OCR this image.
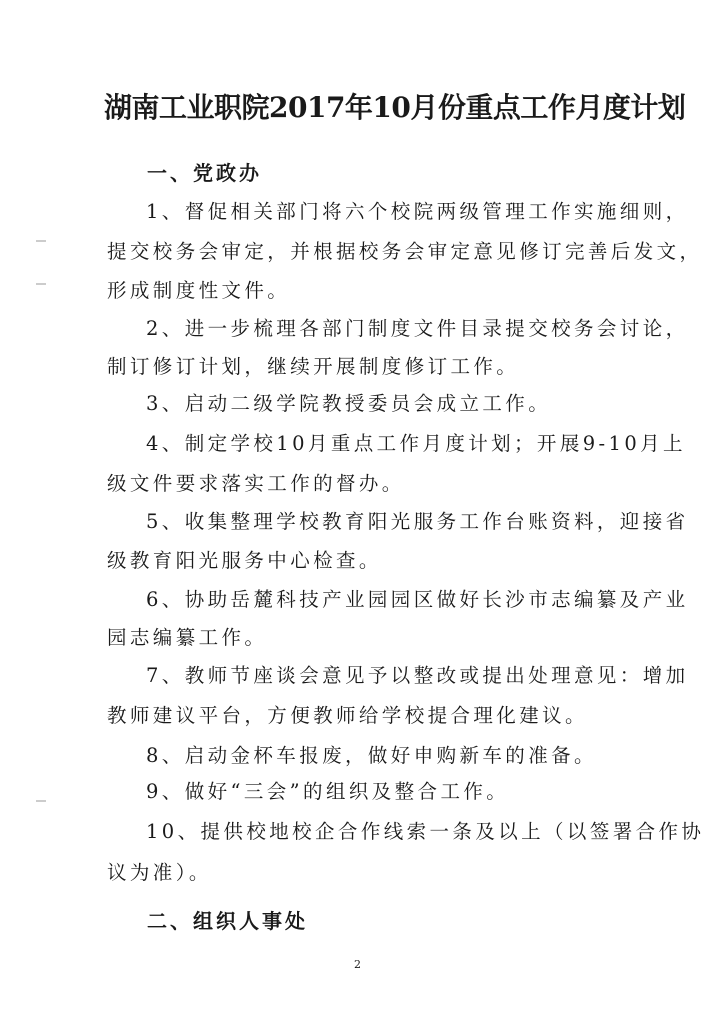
湖南工业职院2017年10月份重点工作月度计划
一、党政办
1、督促相关部门将六个校院两级管理工作实施细则，
提交校务会审定，并根据校务会审定意见修订完善后发文，
形成制度性文件。
2、进一步梳理各部门制度文件目录提交校务会讨论，
制订修订计划，继续开展制度修订工作。
3、启动二级学院教授委员会成立工作。
4、制定学校10月重点工作月度计划；开展9-10月上
级文件要求落实工作的督办。
5、收集整理学校教育阳光服务工作台账资料，迎接省
级教育阳光服务中心检查。
6、协助岳麓科技产业园园区做好长沙市志编纂及产业
园志编纂工作。
7、教师节座谈会意见予以整改或提出处理意见：增加
教师建议平台，方便教师给学校提合理化建议。
8、启动金杯车报废，做好申购新车的准备。
9、做好“三会”的组织及整合工作。
10、提供校地校企合作线索一条及以上（以签署合作协
议为准）。
二、组织人事处
2
